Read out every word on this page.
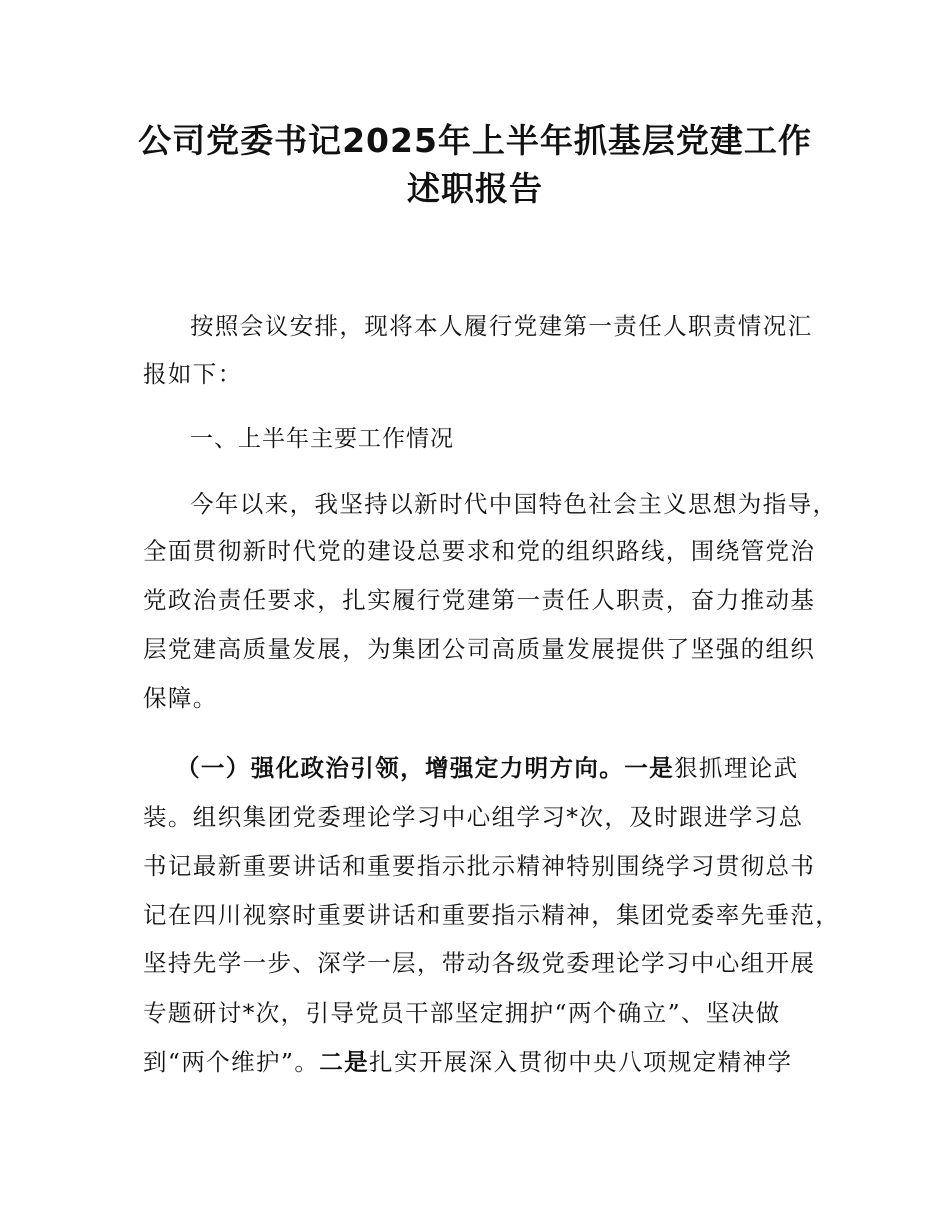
公司党委书记2025年上半年抓基层党建工作
述职报告
按照会议安排，现将本人履行党建第一责任人职责情况汇
报如下：
一、上半年主要工作情况
今年以来，我坚持以新时代中国特色社会主义思想为指导，
全面贯彻新时代党的建设总要求和党的组织路线，围绕管党治
党政治责任要求，扎实履行党建第一责任人职责，奋力推动基
层党建高质量发展，为集团公司高质量发展提供了坚强的组织
保障。
（一）强化政治引领，增强定力明方向。一是狠抓理论武
装。组织集团党委理论学习中心组学习*次，及时跟进学习总
书记最新重要讲话和重要指示批示精神特别围绕学习贯彻总书
记在四川视察时重要讲话和重要指示精神，集团党委率先垂范，
坚持先学一步、深学一层，带动各级党委理论学习中心组开展
专题研讨*次，引导党员干部坚定拥护“两个确立”、坚决做
到“两个维护”。二是扎实开展深入贯彻中央八项规定精神学
